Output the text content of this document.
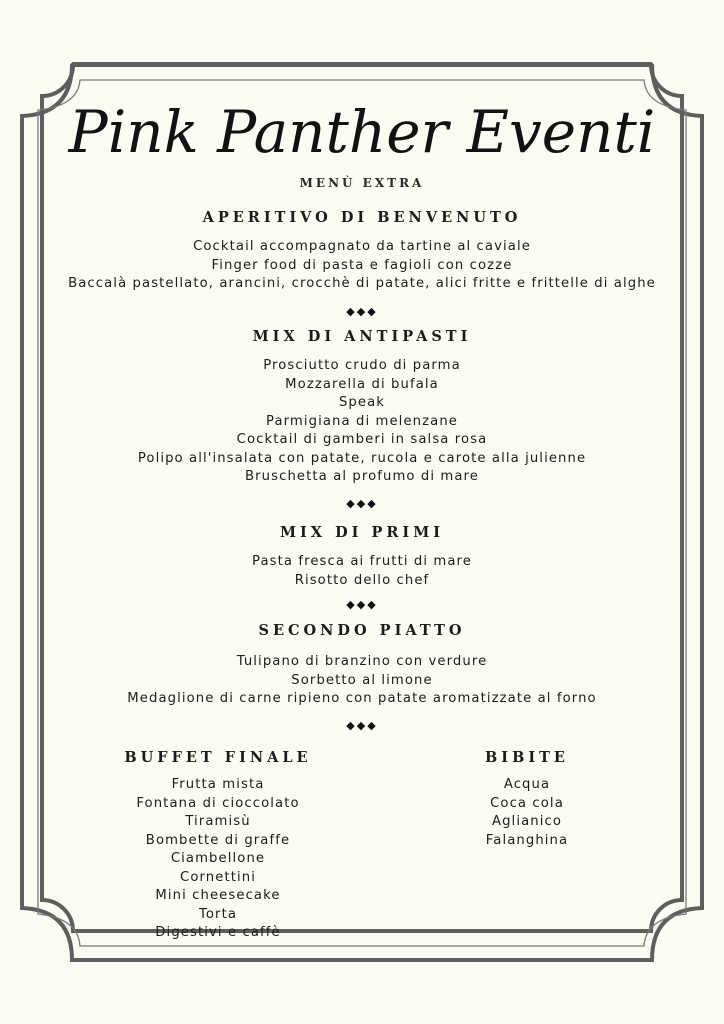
Pink Panther Eventi
MENÙ EXTRA
APERITIVO DI BENVENUTO
Cocktail accompagnato da tartine al caviale
Finger food di pasta e fagioli con cozze
Baccalà pastellato, arancini, crocchè di patate, alici fritte e frittelle di alghe
◆◆◆
MIX DI ANTIPASTI
Prosciutto crudo di parma
Mozzarella di bufala
Speak
Parmigiana di melenzane
Cocktail di gamberi in salsa rosa
Polipo all'insalata con patate, rucola e carote alla julienne
Bruschetta al profumo di mare
◆◆◆
MIX DI PRIMI
Pasta fresca ai frutti di mare
Risotto dello chef
◆◆◆
SECONDO PIATTO
Tulipano di branzino con verdure
Sorbetto al limone
Medaglione di carne ripieno con patate aromatizzate al forno
◆◆◆
BUFFET FINALE
Frutta mista
Fontana di cioccolato
Tiramisù
Bombette di graffe
Ciambellone
Cornettini
Mini cheesecake
Torta
Digestivi e caffè
BIBITE
Acqua
Coca cola
Aglianico
Falanghina
